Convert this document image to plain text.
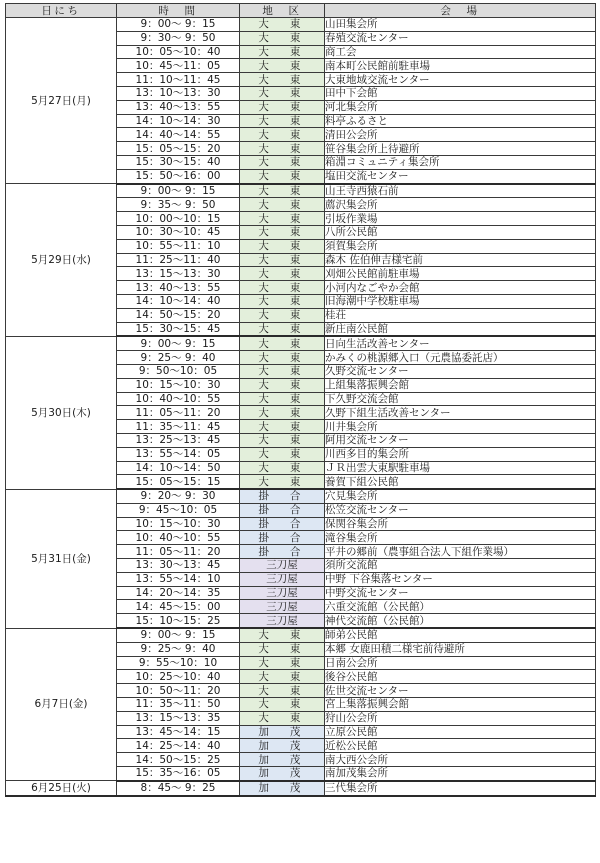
日にち	時　間	地　区	会　場
5月27日(月)	9：00～ 9：15	大　東	山田集会所
	9：30～ 9：50	大　東	春殖交流センター
	10：05～10：40	大　東	商工会
	10：45～11：05	大　東	南本町公民館前駐車場
	11：10～11：45	大　東	大東地域交流センター
	13：10～13：30	大　東	田中下会館
	13：40～13：55	大　東	河北集会所
	14：10～14：30	大　東	料亭ふるさと
	14：40～14：55	大　東	清田公会所
	15：05～15：20	大　東	笹谷集会所上待避所
	15：30～15：40	大　東	箱淵コミュニティ集会所
	15：50～16：00	大　東	塩田交流センター
5月29日(水)	9：00～ 9：15	大　東	山王寺西猿石前
	9：35～ 9：50	大　東	薦沢集会所
	10：00～10：15	大　東	引坂作業場
	10：30～10：45	大　東	八所公民館
	10：55～11：10	大　東	須賀集会所
	11：25～11：40	大　東	森木 佐伯伸吉様宅前
	13：15～13：30	大　東	刈畑公民館前駐車場
	13：40～13：55	大　東	小河内なごやか会館
	14：10～14：40	大　東	旧海潮中学校駐車場
	14：50～15：20	大　東	桂荘
	15：30～15：45	大　東	新庄南公民館
5月30日(木)	9：00～ 9：15	大　東	日向生活改善センター
	9：25～ 9：40	大　東	かみくの桃源郷入口（元農協委託店）
	9：50～10：05	大　東	久野交流センター
	10：15～10：30	大　東	上組集落振興会館
	10：40～10：55	大　東	下久野交流会館
	11：05～11：20	大　東	久野下組生活改善センター
	11：35～11：45	大　東	川井集会所
	13：25～13：45	大　東	阿用交流センター
	13：55～14：05	大　東	川西多目的集会所
	14：10～14：50	大　東	ＪＲ出雲大東駅駐車場
	15：05～15：15	大　東	養賀下組公民館
5月31日(金)	9：20～ 9：30	掛　合	穴見集会所
	9：45～10：05	掛　合	松笠交流センター
	10：15～10：30	掛　合	保関谷集会所
	10：40～10：55	掛　合	滝谷集会所
	11：05～11：20	掛　合	平井の郷前（農事組合法人下組作業場）
	13：30～13：45	三刀屋	須所交流館
	13：55～14：10	三刀屋	中野 下谷集落センター
	14：20～14：35	三刀屋	中野交流センター
	14：45～15：00	三刀屋	六重交流館（公民館）
	15：10～15：25	三刀屋	神代交流館（公民館）
6月7日(金)	9：00～ 9：15	大　東	師弟公民館
	9：25～ 9：40	大　東	本郷 女鹿田積二様宅前待避所
	9：55～10：10	大　東	日南公会所
	10：25～10：40	大　東	後谷公民館
	10：50～11：20	大　東	佐世交流センター
	11：35～11：50	大　東	宮上集落振興会館
	13：15～13：35	大　東	狩山公会所
	13：45～14：15	加　茂	立原公民館
	14：25～14：40	加　茂	近松公民館
	14：50～15：25	加　茂	南大西公会所
	15：35～16：05	加　茂	南加茂集会所
6月25日(火)	8：45～ 9：25	加　茂	三代集会所
